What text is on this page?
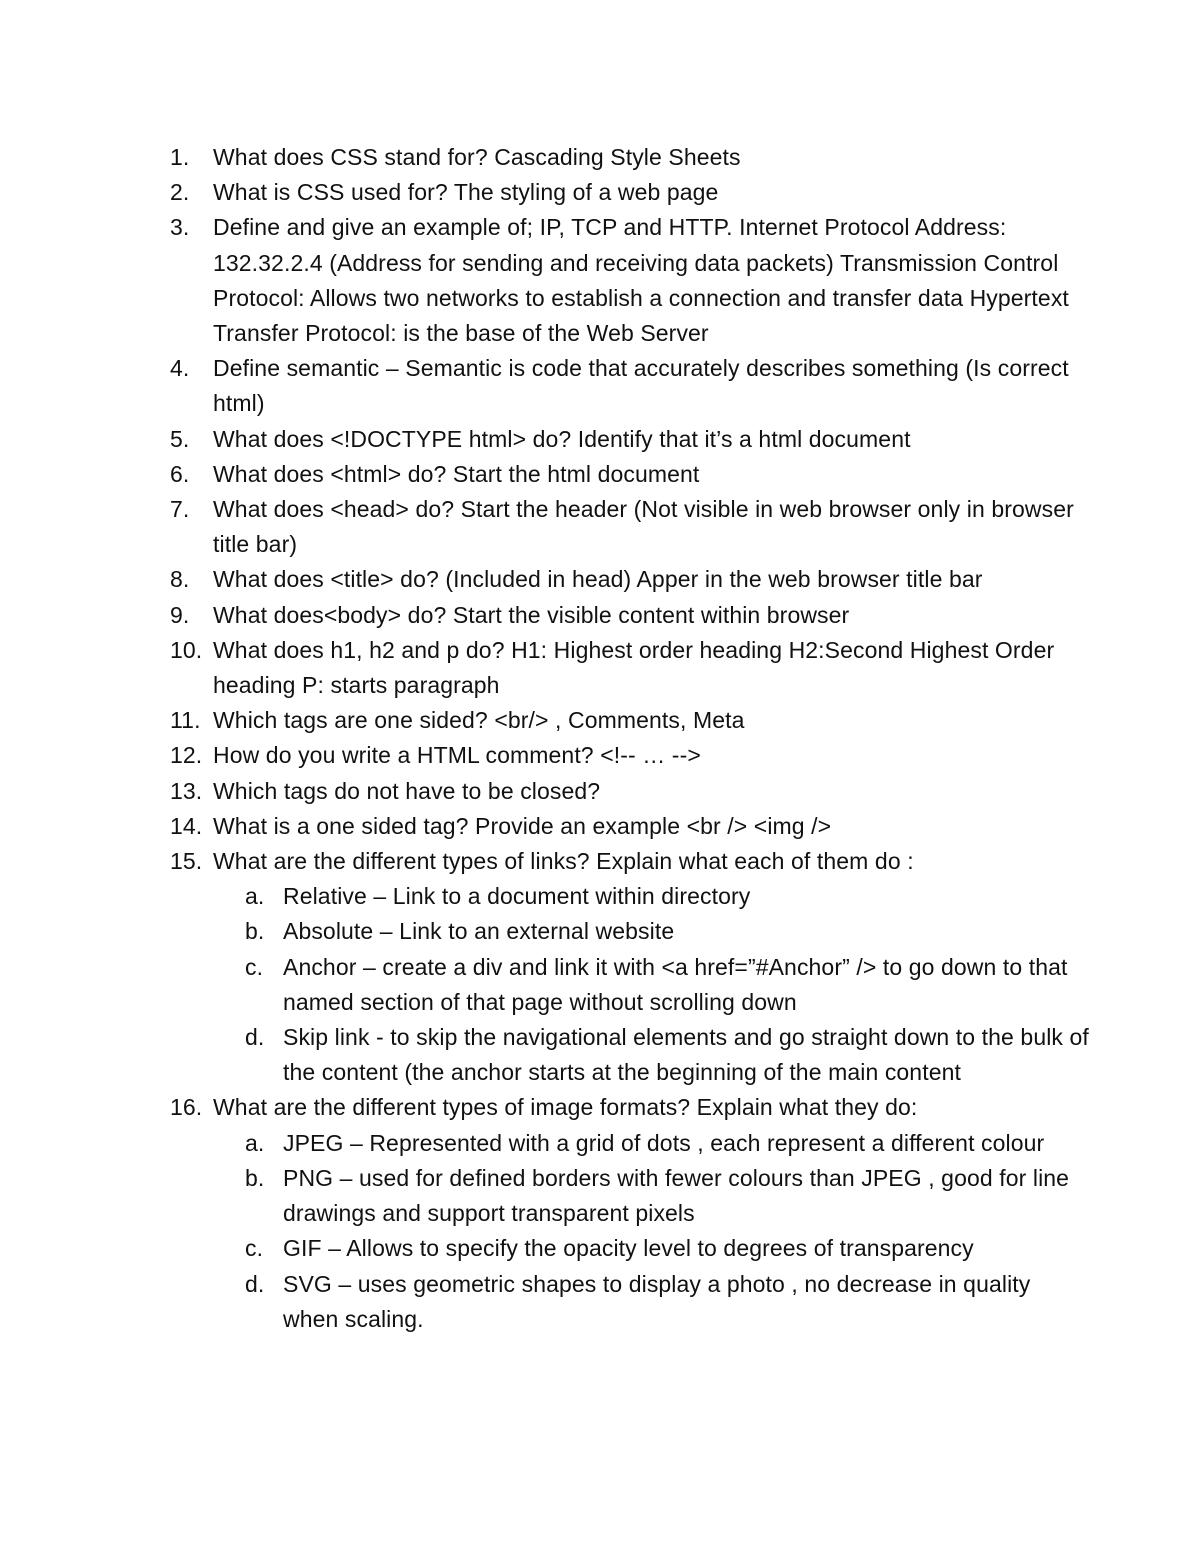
1.	What does CSS stand for? Cascading Style Sheets
2.	What is CSS used for? The styling of a web page
3.	Define and give an example of; IP, TCP and HTTP. Internet Protocol Address: 132.32.2.4 (Address for sending and receiving data packets) Transmission Control Protocol: Allows two networks to establish a connection and transfer data Hypertext Transfer Protocol: is the base of the Web Server
4.	Define semantic – Semantic is code that accurately describes something (Is correct html)
5.	What does <!DOCTYPE html> do? Identify that it’s a html document
6.	What does <html> do? Start the html document
7.	What does <head> do? Start the header (Not visible in web browser only in browser title bar)
8.	What does <title> do? (Included in head) Apper in the web browser title bar
9.	What does<body> do? Start the visible content within browser
10. What does h1, h2 and p do? H1: Highest order heading H2:Second Highest Order heading P: starts paragraph
11. Which tags are one sided? <br/> , Comments, Meta
12. How do you write a HTML comment? <!-- … -->
13. Which tags do not have to be closed?
14. What is a one sided tag? Provide an example <br /> <img />
15. What are the different types of links? Explain what each of them do :
a. Relative – Link to a document within directory
b. Absolute – Link to an external website
c. Anchor – create a div and link it with <a href=”#Anchor” /> to go down to that named section of that page without scrolling down
d. Skip link - to skip the navigational elements and go straight down to the bulk of the content (the anchor starts at the beginning of the main content
16. What are the different types of image formats? Explain what they do:
a. JPEG – Represented with a grid of dots , each represent a different colour
b. PNG – used for defined borders with fewer colours than JPEG , good for line drawings and support transparent pixels
c. GIF – Allows to specify the opacity level to degrees of transparency
d. SVG – uses geometric shapes to display a photo , no decrease in quality when scaling.
